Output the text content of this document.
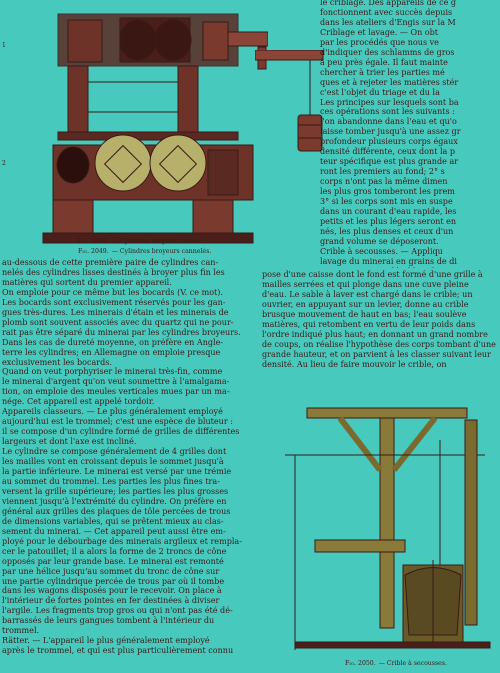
1
2
Fig. 2048. — Cylindres broyeurs lisses.
Fig. 2049. — Cylindres broyeurs cannelés.
le criblage. Des appareils de ce g
fonctionnent avec succès depuis
dans les ateliers d'Engis sur la M
Criblage et lavage. — On obt
par les procédés que nous ve
d'indiquer des schlamms de gros
à peu près égale. Il faut mainte
chercher à trier les parties mé
ques et à rejeter les matières stér
c'est l'objet du triage et du la
Les principes sur lesquels sont ba
ces opérations sont les suivants :
l'on abandonne dans l'eau et qu'o
laisse tomber jusqu'à une assez gr
profondeur plusieurs corps égaux
densité différente, ceux dont la p
teur spécifique est plus grande ar
ront les premiers au fond; 2° s
corps n'ont pas la même dimen
les plus gros tomberont les prem
3° si les corps sont mis en suspe
dans un courant d'eau rapide, les
petits et les plus légers seront en
nés, les plus denses et ceux d'un
grand volume se déposeront.
Crible à secousses. — Appliqu
lavage du minerai en grains de di
au-dessous de cette première paire de cylindres can-
nelés des cylindres lisses destinés à broyer plus fin les
matières qui sortent du premier appareil.
On emploie pour ce même but les bocards (V. ce mot).
Les bocards sont exclusivement réservés pour les gan-
gues très-dures. Les minerais d'étain et les minerais de
plomb sont souvent associés avec du quartz qui ne pour-
rait pas être séparé du minerai par les cylindres broyeurs.
Dans les cas de dureté moyenne, on préfère en Angle-
terre les cylindres; en Allemagne on emploie presque
exclusivement les bocards.
Quand on veut porphyriser le minerai très-fin, comme
le minerai d'argent qu'on veut soumettre à l'amalgama-
tion, on emploie des meules verticales mues par un ma-
nége. Cet appareil est appelé tordoir.
Appareils classeurs. — Le plus généralement employé
aujourd'hui est le trommel; c'est une espèce de bluteur :
il se compose d'un cylindre formé de grilles de différentes
largeurs et dont l'axe est incliné.
Le cylindre se compose généralement de 4 grilles dont
les mailles vont en croissant depuis le sommet jusqu'à
la partie inférieure. Le minerai est versé par une trémie
au sommet du trommel. Les parties les plus fines tra-
versent la grille supérieure; les parties les plus grosses
viennent jusqu'à l'extrémité du cylindre. On préfère en
général aux grilles des plaques de tôle percées de trous
de dimensions variables, qui se prêtent mieux au clas-
sement du minerai. — Cet appareil peut aussi être em-
ployé pour le débourbage des minerais argileux et rempla-
cer le patouillet; il a alors la forme de 2 troncs de cône
opposés par leur grande base. Le minerai est remonté
par une hélice jusqu'au sommet du tronc de cône sur
une partie cylindrique percée de trous par où il tombe
dans les wagons disposés pour le recevoir. On place à
l'intérieur de fortes pointes en fer destinées à diviser
l'argile. Les fragments trop gros ou qui n'ont pas été dé-
barrassés de leurs gangues tombent à l'intérieur du
trommel.
Rätter. — L'appareil le plus généralement employé
après le trommel, et qui est plus particulièrement connu
pose d'une caisse dont le fond est formé d'une grille à
mailles serrées et qui plonge dans une cuve pleine
d'eau. Le sable à laver est chargé dans le crible; un
ouvrier, en appuyant sur un levier, donne au crible
brusque mouvement de haut en bas; l'eau soulève
matières, qui retombent en vertu de leur poids dans
l'ordre indiqué plus haut; en donnant un grand nombre
de coups, on réalise l'hypothèse des corps tombant d'une
grande hauteur, et on parvient à les classer suivant leur
densité. Au lieu de faire mouvoir le crible, on
Fig. 2050. — Crible à secousses.
